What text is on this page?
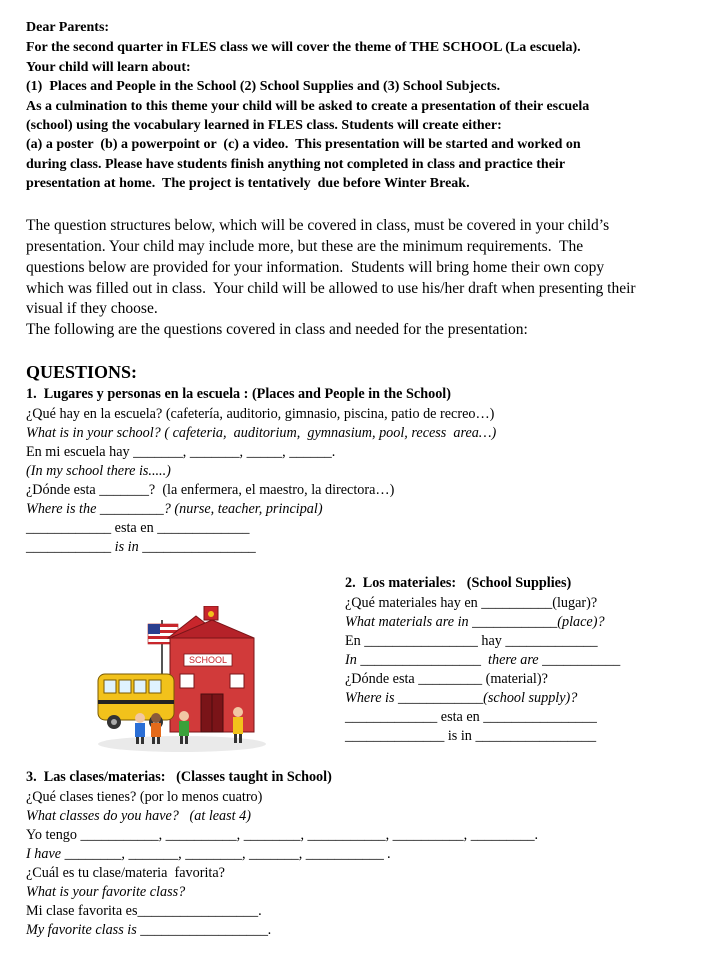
Dear Parents:
For the second quarter in FLES class we will cover the theme of THE SCHOOL (La escuela).
Your child will learn about:
(1)  Places and People in the School (2) School Supplies and (3) School Subjects.
As a culmination to this theme your child will be asked to create a presentation of their escuela
(school) using the vocabulary learned in FLES class. Students will create either:
(a) a poster  (b) a powerpoint or  (c) a video.  This presentation will be started and worked on
during class. Please have students finish anything not completed in class and practice their
presentation at home.  The project is tentatively  due before Winter Break.
The question structures below, which will be covered in class, must be covered in your child’s
presentation. Your child may include more, but these are the minimum requirements.  The
questions below are provided for your information.  Students will bring home their own copy
which was filled out in class.  Your child will be allowed to use his/her draft when presenting their
visual if they choose.
The following are the questions covered in class and needed for the presentation:
QUESTIONS:
1.  Lugares y personas en la escuela : (Places and People in the School)
¿Qué hay en la escuela? (cafetería, auditorio, gimnasio, piscina, patio de recreo…)
What is in your school? ( cafeteria,  auditorium,  gymnasium, pool, recess  area…)
En mi escuela hay _______, _______, _____, ______.
(In my school there is.....)
¿Dónde esta _______?  (la enfermera, el maestro, la directora…)
Where is the _________? (nurse, teacher, principal)
____________ esta en _____________
____________ is in ________________
2.  Los materiales:   (School Supplies)
¿Qué materiales hay en __________(lugar)?
What materials are in ____________(place)?
En ________________ hay _____________
In _________________  there are ___________
¿Dónde esta _________ (material)?
Where is ____________(school supply)?
_____________ esta en ________________
______________ is in _________________
SCHOOL
3.  Las clases/materias:   (Classes taught in School)
¿Qué clases tienes? (por lo menos cuatro)
What classes do you have?   (at least 4)
Yo tengo ___________, __________, ________, ___________, __________, _________.
I have ________, _______, ________, _______, ___________ .
¿Cuál es tu clase/materia  favorita?
What is your favorite class?
Mi clase favorita es_________________.
My favorite class is __________________.
